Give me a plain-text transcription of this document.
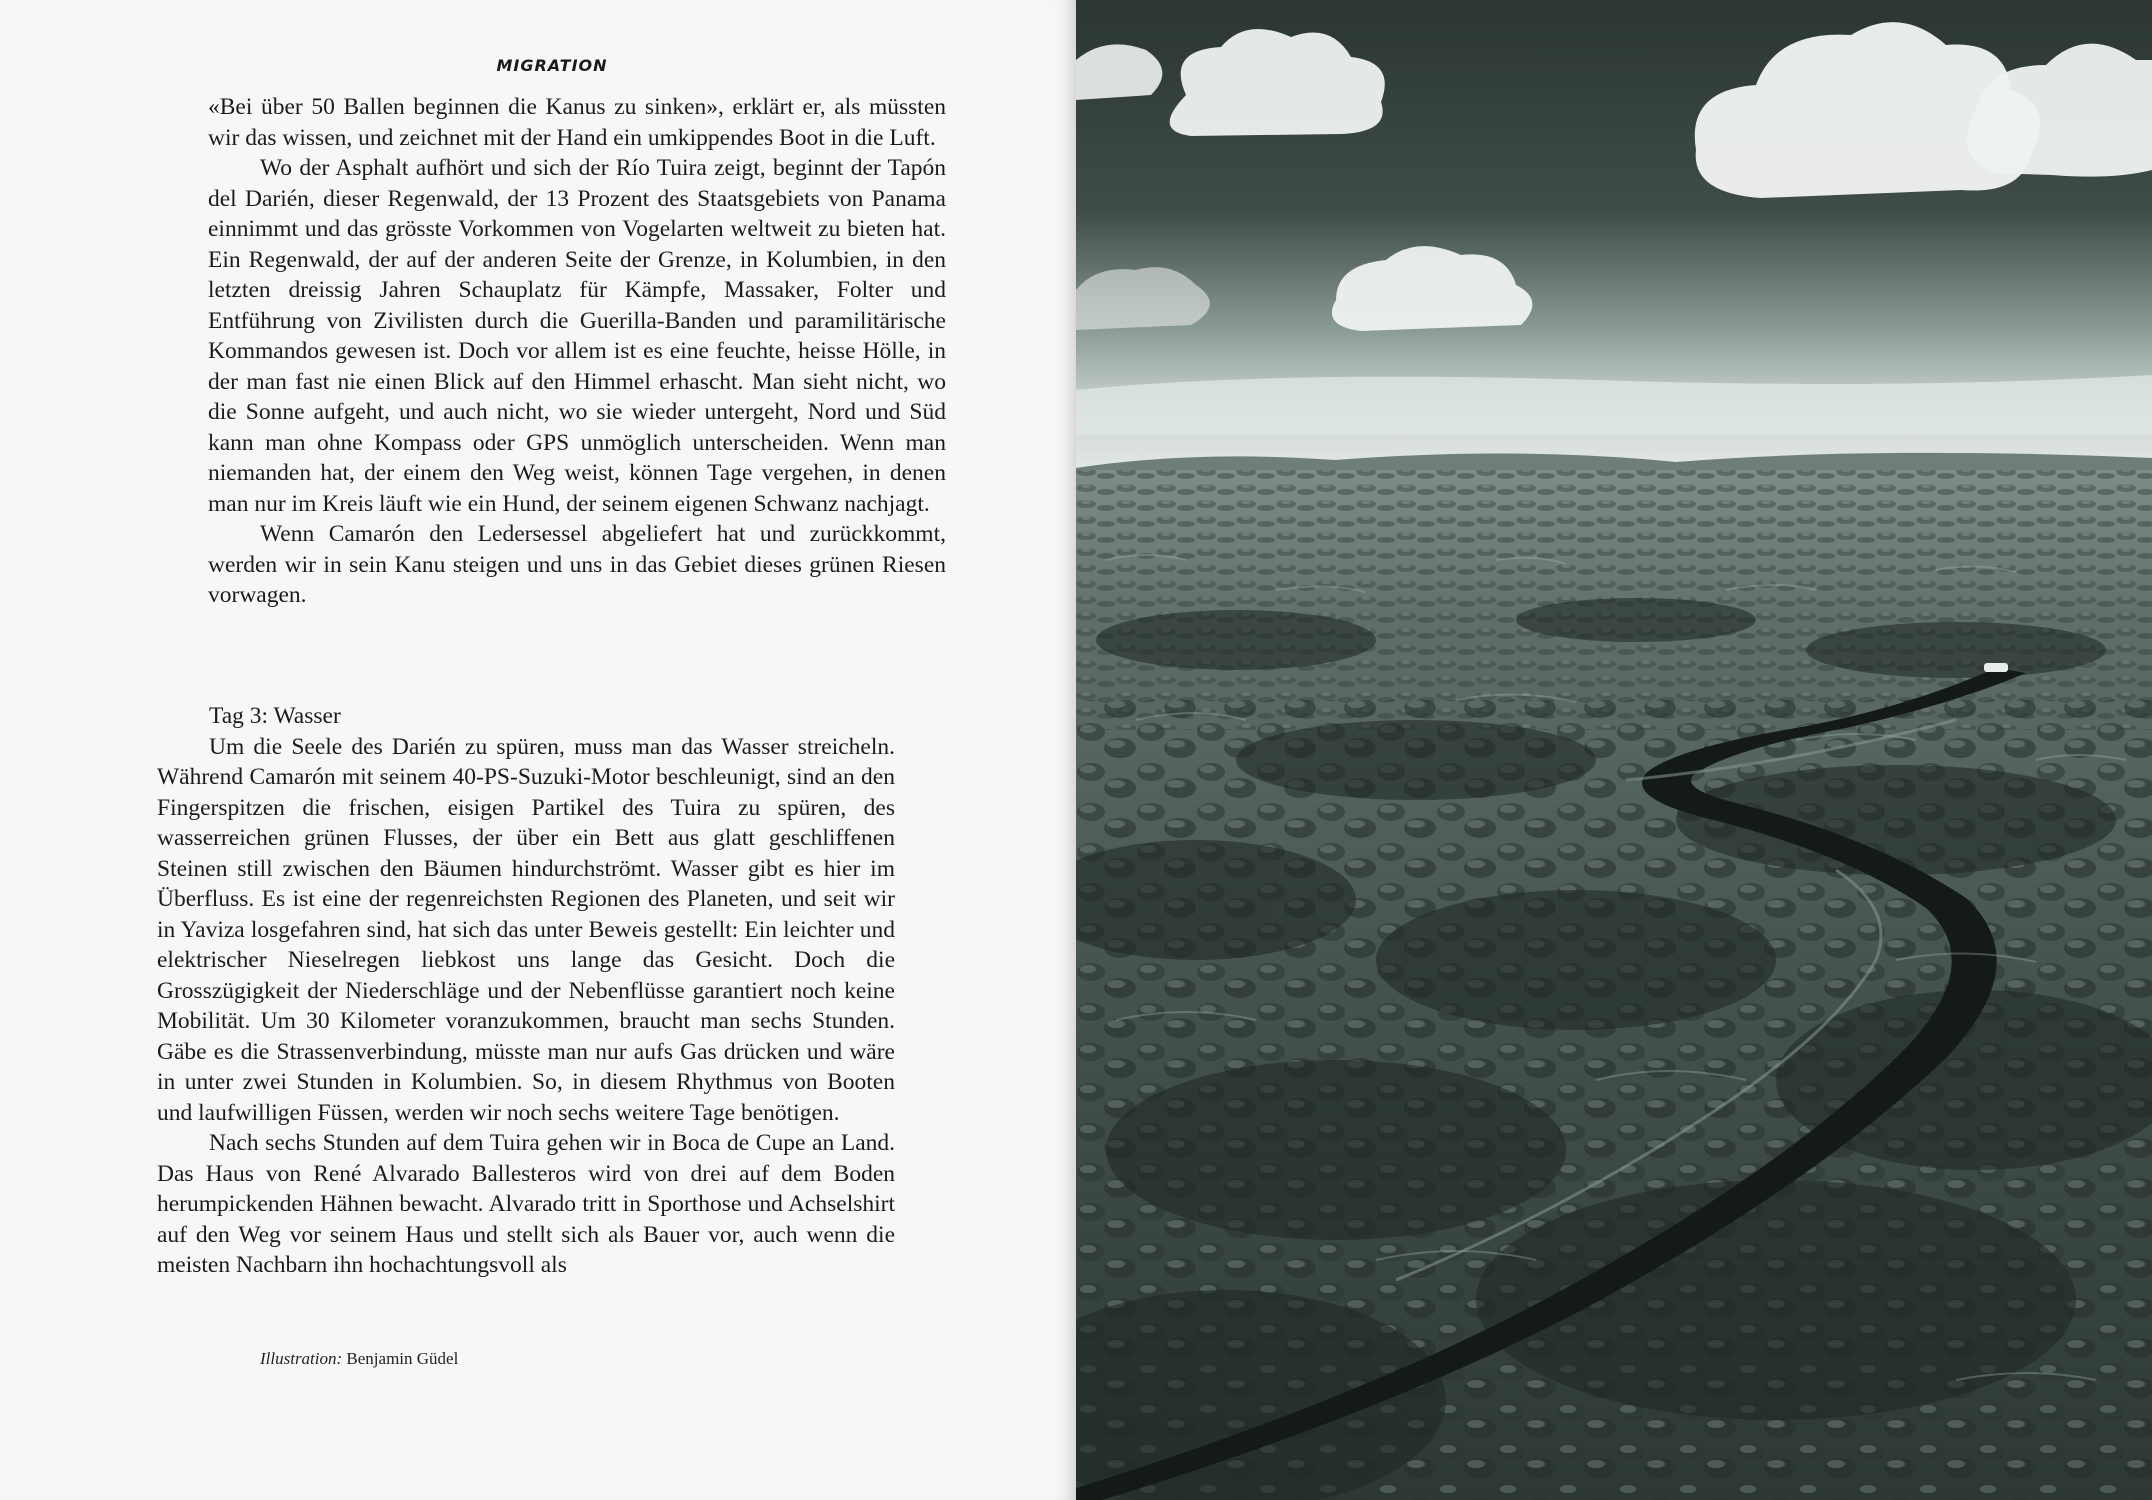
MIGRATION

«Bei über 50 Ballen beginnen die Kanus zu sinken», erklärt er, als müssten wir das wissen, und zeichnet mit der Hand ein umkippendes Boot in die Luft.

Wo der Asphalt aufhört und sich der Río Tuira zeigt, beginnt der Tapón del Darién, dieser Regenwald, der 13 Prozent des Staatsgebiets von Panama einnimmt und das grösste Vorkommen von Vogelarten weltweit zu bieten hat. Ein Regenwald, der auf der anderen Seite der Grenze, in Kolumbien, in den letzten dreissig Jahren Schauplatz für Kämpfe, Massaker, Folter und Entführung von Zivilisten durch die Guerilla-Banden und paramilitärische Kommandos gewesen ist. Doch vor allem ist es eine feuchte, heisse Hölle, in der man fast nie einen Blick auf den Himmel erhascht. Man sieht nicht, wo die Sonne aufgeht, und auch nicht, wo sie wieder untergeht, Nord und Süd kann man ohne Kompass oder GPS unmöglich unterscheiden. Wenn man niemanden hat, der einem den Weg weist, können Tage vergehen, in denen man nur im Kreis läuft wie ein Hund, der seinem eigenen Schwanz nachjagt.

Wenn Camarón den Ledersessel abgeliefert hat und zurückkommt, werden wir in sein Kanu steigen und uns in das Gebiet dieses grünen Riesen vorwagen.

Tag 3: Wasser

Um die Seele des Darién zu spüren, muss man das Wasser streicheln. Während Camarón mit seinem 40-PS-Suzuki-Motor beschleunigt, sind an den Fingerspitzen die frischen, eisigen Partikel des Tuira zu spüren, des wasserreichen grünen Flusses, der über ein Bett aus glatt geschliffenen Steinen still zwischen den Bäumen hindurchströmt. Wasser gibt es hier im Überfluss. Es ist eine der regenreichsten Regionen des Planeten, und seit wir in Yaviza losgefahren sind, hat sich das unter Beweis gestellt: Ein leichter und elektrischer Nieselregen liebkost uns lange das Gesicht. Doch die Grosszügigkeit der Niederschläge und der Nebenflüsse garantiert noch keine Mobilität. Um 30 Kilometer voranzukommen, braucht man sechs Stunden. Gäbe es die Strassenverbindung, müsste man nur aufs Gas drücken und wäre in unter zwei Stunden in Kolumbien. So, in diesem Rhythmus von Booten und laufwilligen Füssen, werden wir noch sechs weitere Tage benötigen.

Nach sechs Stunden auf dem Tuira gehen wir in Boca de Cupe an Land. Das Haus von René Alvarado Ballesteros wird von drei auf dem Boden herumpickenden Hähnen bewacht. Alvarado tritt in Sporthose und Achselshirt auf den Weg vor seinem Haus und stellt sich als Bauer vor, auch wenn die meisten Nachbarn ihn hochachtungsvoll als

Illustration: Benjamin Güdel
